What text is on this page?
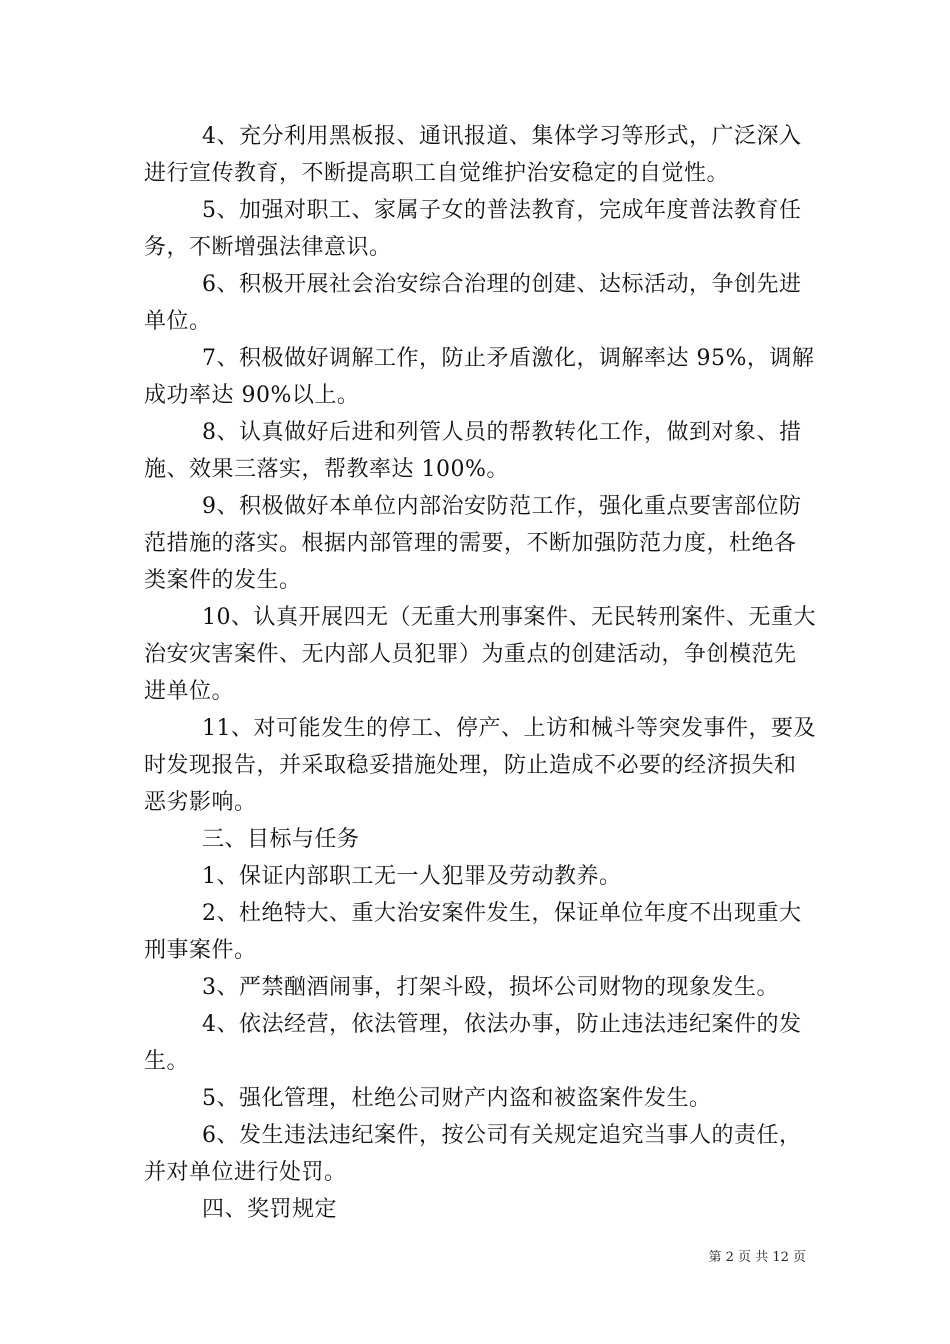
4、充分利用黑板报、通讯报道、集体学习等形式，广泛深入
进行宣传教育，不断提高职工自觉维护治安稳定的自觉性。
5、加强对职工、家属子女的普法教育，完成年度普法教育任
务，不断增强法律意识。
6、积极开展社会治安综合治理的创建、达标活动，争创先进
单位。
7、积极做好调解工作，防止矛盾激化，调解率达 95%，调解
成功率达 90%以上。
8、认真做好后进和列管人员的帮教转化工作，做到对象、措
施、效果三落实，帮教率达 100%。
9、积极做好本单位内部治安防范工作，强化重点要害部位防
范措施的落实。根据内部管理的需要，不断加强防范力度，杜绝各
类案件的发生。
10、认真开展四无（无重大刑事案件、无民转刑案件、无重大
治安灾害案件、无内部人员犯罪）为重点的创建活动，争创模范先
进单位。
11、对可能发生的停工、停产、上访和械斗等突发事件，要及
时发现报告，并采取稳妥措施处理，防止造成不必要的经济损失和
恶劣影响。
三、目标与任务
1、保证内部职工无一人犯罪及劳动教养。
2、杜绝特大、重大治安案件发生，保证单位年度不出现重大
刑事案件。
3、严禁酗酒闹事，打架斗殴，损坏公司财物的现象发生。
4、依法经营，依法管理，依法办事，防止违法违纪案件的发
生。
5、强化管理，杜绝公司财产内盗和被盗案件发生。
6、发生违法违纪案件，按公司有关规定追究当事人的责任，
并对单位进行处罚。
四、奖罚规定
第 2 页 共 12 页
